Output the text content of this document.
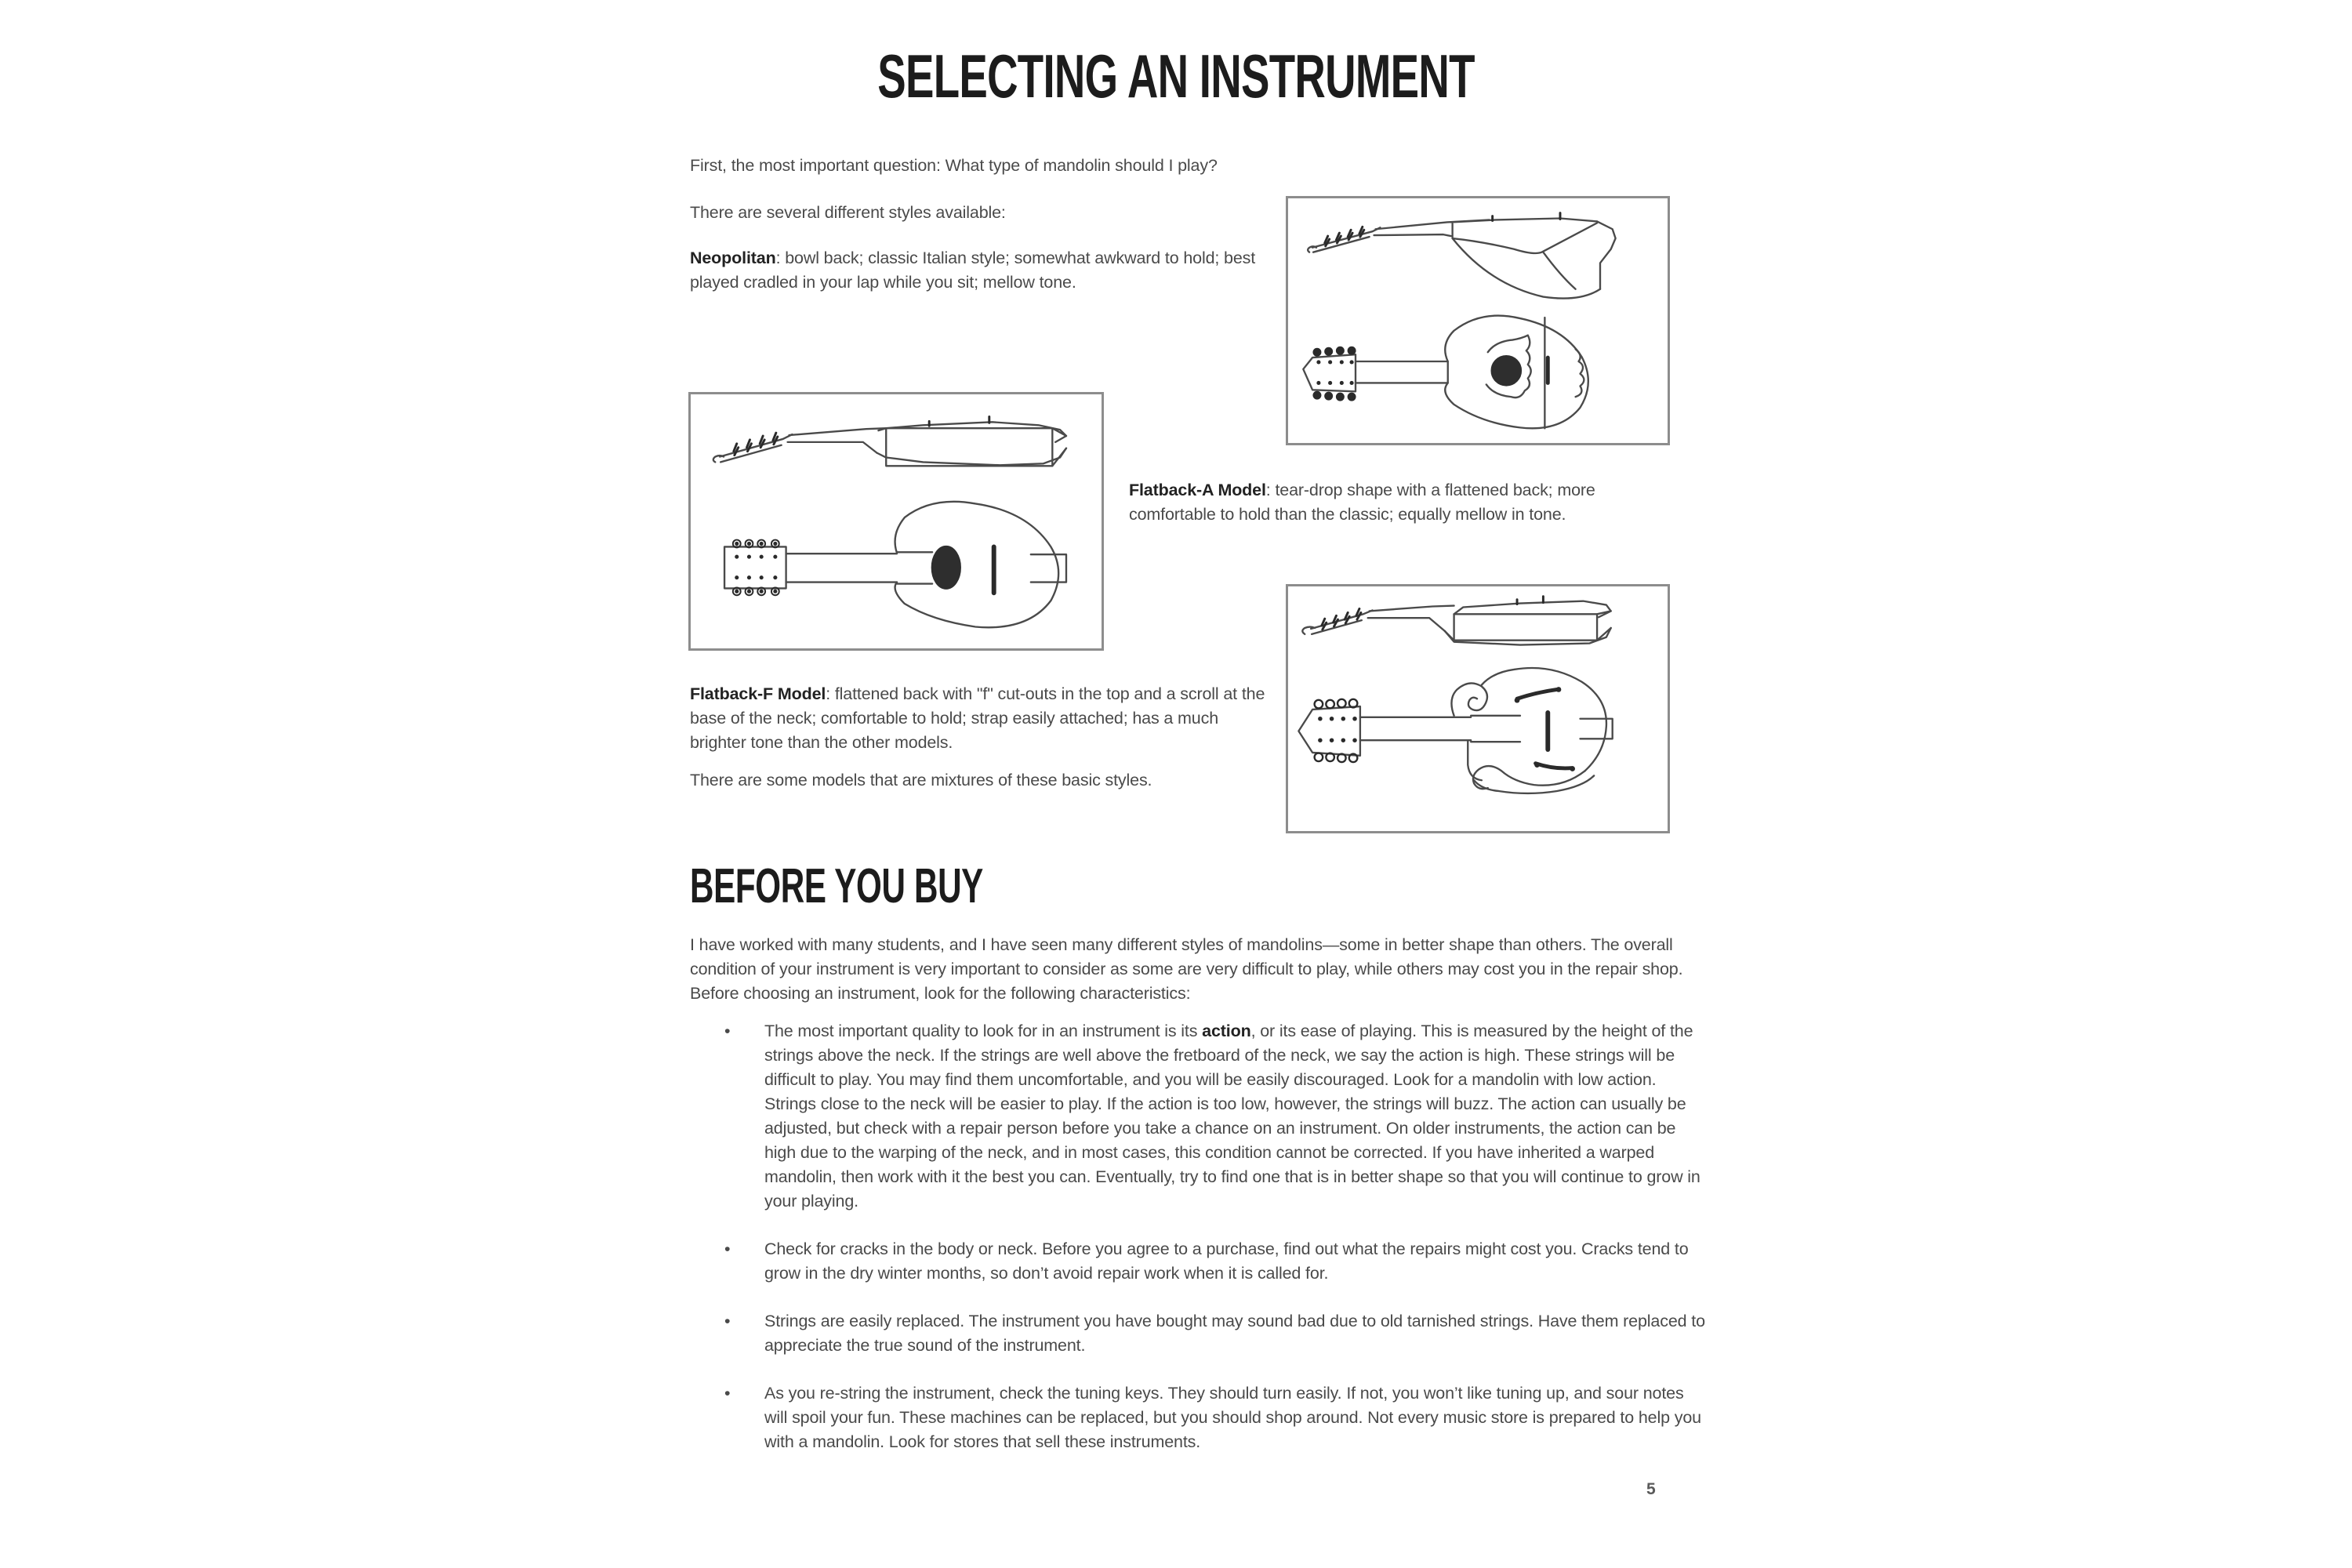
SELECTING AN INSTRUMENT
First, the most important question: What type of mandolin should I play?
There are several different styles available:
Neopolitan: bowl back; classic Italian style; somewhat awkward to hold; best played cradled in your lap while you sit; mellow tone.
Flatback-A Model: tear-drop shape with a flattened back; more comfortable to hold than the classic; equally mellow in tone.
Flatback-F Model: flattened back with "f" cut-outs in the top and a scroll at the base of the neck; comfortable to hold; strap easily attached; has a much brighter tone than the other models.
There are some models that are mixtures of these basic styles.
BEFORE YOU BUY
I have worked with many students, and I have seen many different styles of mandolins—some in better shape than others. The overall condition of your instrument is very important to consider as some are very difficult to play, while others may cost you in the repair shop. Before choosing an instrument, look for the following characteristics:
• The most important quality to look for in an instrument is its action, or its ease of playing. This is measured by the height of the strings above the neck. If the strings are well above the fretboard of the neck, we say the action is high. These strings will be difficult to play. You may find them uncomfortable, and you will be easily discouraged. Look for a mandolin with low action. Strings close to the neck will be easier to play. If the action is too low, however, the strings will buzz. The action can usually be adjusted, but check with a repair person before you take a chance on an instrument. On older instruments, the action can be high due to the warping of the neck, and in most cases, this condition cannot be corrected. If you have inherited a warped mandolin, then work with it the best you can. Eventually, try to find one that is in better shape so that you will continue to grow in your playing.
• Check for cracks in the body or neck. Before you agree to a purchase, find out what the repairs might cost you. Cracks tend to grow in the dry winter months, so don’t avoid repair work when it is called for.
• Strings are easily replaced. The instrument you have bought may sound bad due to old tarnished strings. Have them replaced to appreciate the true sound of the instrument.
• As you re-string the instrument, check the tuning keys. They should turn easily. If not, you won’t like tuning up, and sour notes will spoil your fun. These machines can be replaced, but you should shop around. Not every music store is prepared to help you with a mandolin. Look for stores that sell these instruments.
5
